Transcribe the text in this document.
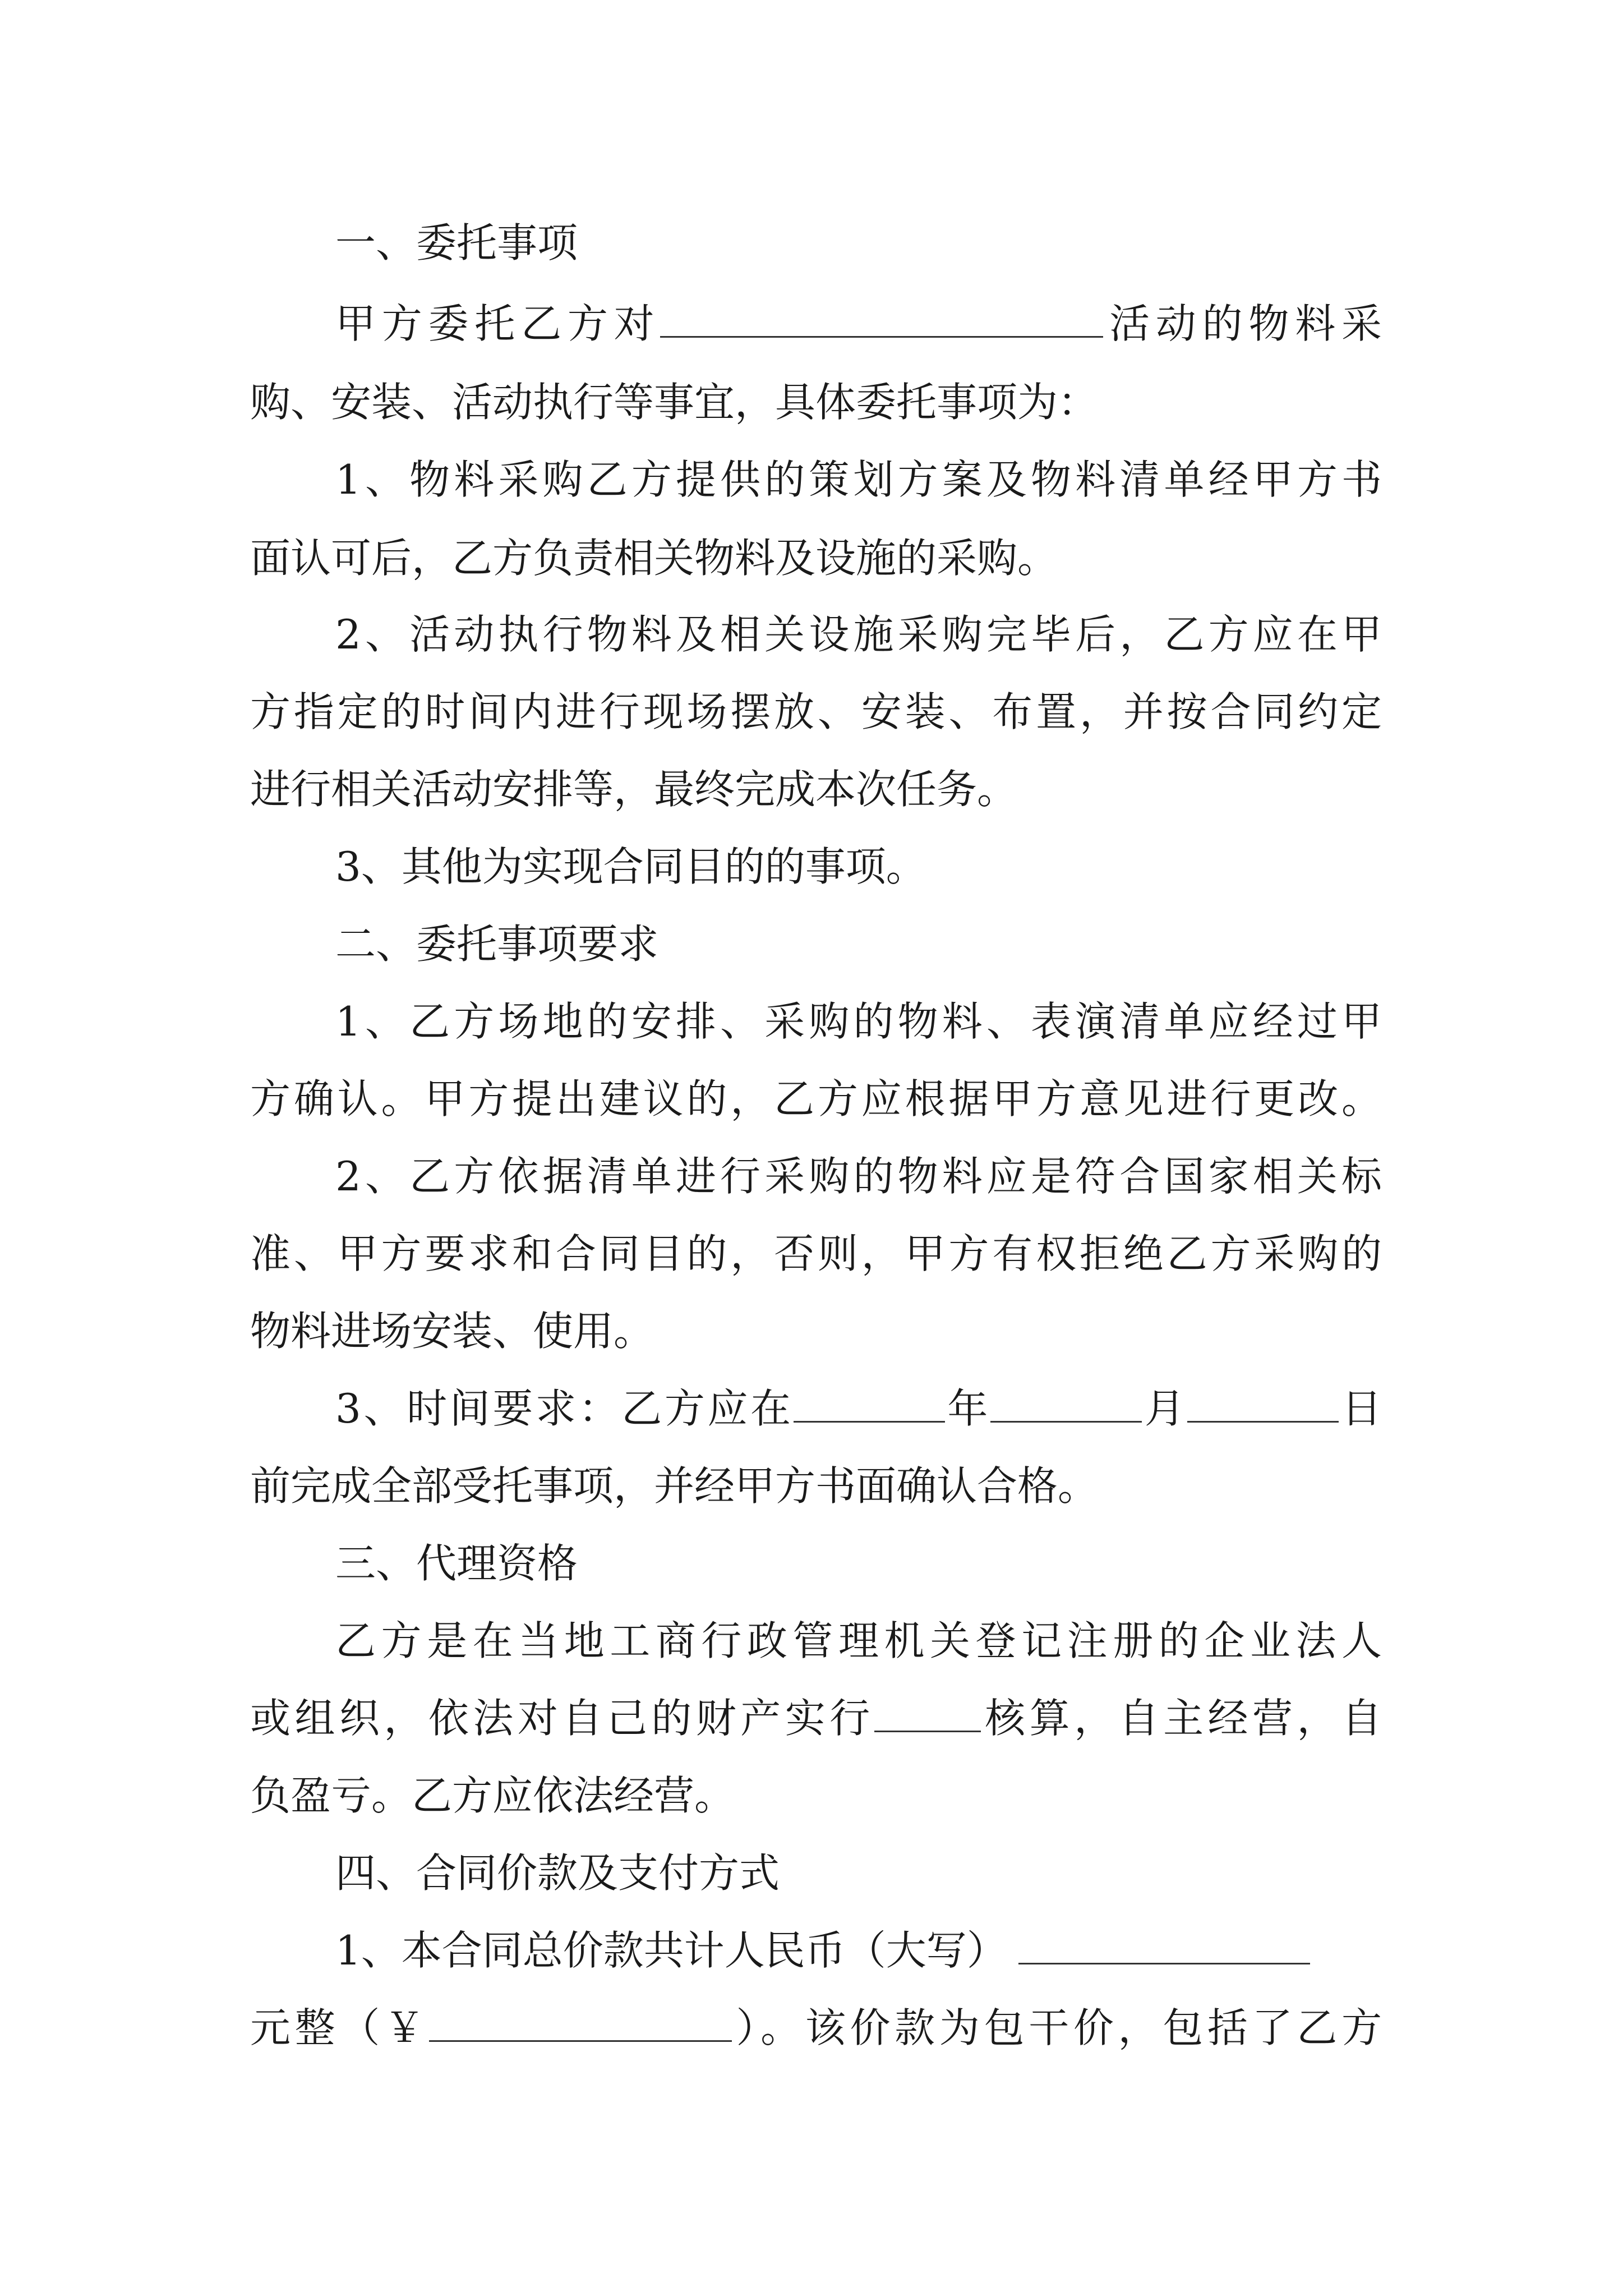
一、委托事项
甲方委托乙方对	活动的物料采
购、安装、活动执行等事宜，具体委托事项为：
1、物料采购乙方提供的策划方案及物料清单经甲方书
面认可后，乙方负责相关物料及设施的采购。
2、活动执行物料及相关设施采购完毕后，乙方应在甲
方指定的时间内进行现场摆放、安装、布置，并按合同约定
进行相关活动安排等，最终完成本次任务。
3、其他为实现合同目的的事项。
二、委托事项要求
1、乙方场地的安排、采购的物料、表演清单应经过甲
方确认。甲方提出建议的，乙方应根据甲方意见进行更改。
2、乙方依据清单进行采购的物料应是符合国家相关标
准、甲方要求和合同目的，否则，甲方有权拒绝乙方采购的
物料进场安装、使用。
3、时间要求：乙方应在	年	月	日
前完成全部受托事项，并经甲方书面确认合格。
三、代理资格
乙方是在当地工商行政管理机关登记注册的企业法人
或组织，依法对自己的财产实行	核算，自主经营，自
负盈亏。乙方应依法经营。
四、合同价款及支付方式
1、本合同总价款共计人民币（大写）
元整（￥	）。该价款为包干价，包括了乙方
